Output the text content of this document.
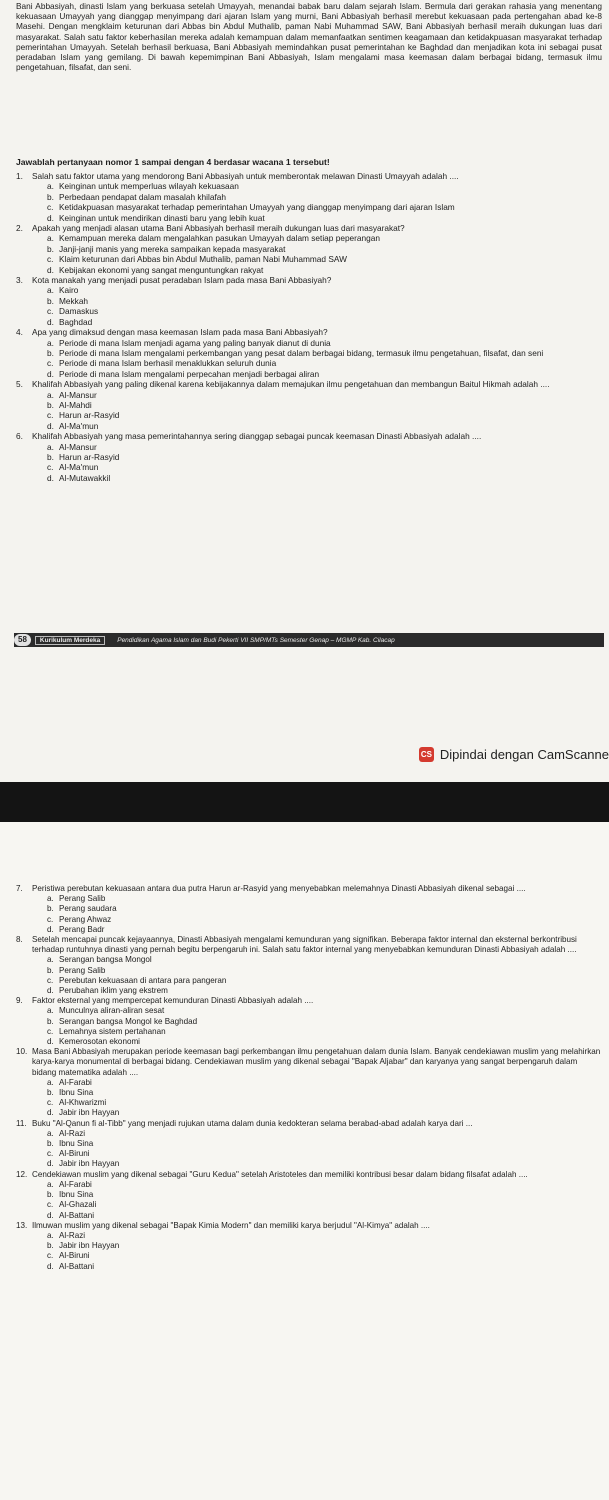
Bani Abbasiyah, dinasti Islam yang berkuasa setelah Umayyah, menandai babak baru dalam sejarah Islam. Bermula dari gerakan rahasia yang menentang kekuasaan Umayyah yang dianggap menyimpang dari ajaran Islam yang murni, Bani Abbasiyah berhasil merebut kekuasaan pada pertengahan abad ke-8 Masehi. Dengan mengklaim keturunan dari Abbas bin Abdul Muthalib, paman Nabi Muhammad SAW, Bani Abbasiyah berhasil meraih dukungan luas dari masyarakat. Salah satu faktor keberhasilan mereka adalah kemampuan dalam memanfaatkan sentimen keagamaan dan ketidakpuasan masyarakat terhadap pemerintahan Umayyah. Setelah berhasil berkuasa, Bani Abbasiyah memindahkan pusat pemerintahan ke Baghdad dan menjadikan kota ini sebagai pusat peradaban Islam yang gemilang. Di bawah kepemimpinan Bani Abbasiyah, Islam mengalami masa keemasan dalam berbagai bidang, termasuk ilmu pengetahuan, filsafat, dan seni.

Jawablah pertanyaan nomor 1 sampai dengan 4 berdasar wacana 1 tersebut!
1.	Salah satu faktor utama yang mendorong Bani Abbasiyah untuk memberontak melawan Dinasti Umayyah adalah ....
a. Keinginan untuk memperluas wilayah kekuasaan
b. Perbedaan pendapat dalam masalah khilafah
c. Ketidakpuasan masyarakat terhadap pemerintahan Umayyah yang dianggap menyimpang dari ajaran Islam
d. Keinginan untuk mendirikan dinasti baru yang lebih kuat
2.	Apakah yang menjadi alasan utama Bani Abbasiyah berhasil meraih dukungan luas dari masyarakat?
a. Kemampuan mereka dalam mengalahkan pasukan Umayyah dalam setiap peperangan
b. Janji-janji manis yang mereka sampaikan kepada masyarakat
c. Klaim keturunan dari Abbas bin Abdul Muthalib, paman Nabi Muhammad SAW
d. Kebijakan ekonomi yang sangat menguntungkan rakyat
3.	Kota manakah yang menjadi pusat peradaban Islam pada masa Bani Abbasiyah?
a. Kairo
b. Mekkah
c. Damaskus
d. Baghdad
4.	Apa yang dimaksud dengan masa keemasan Islam pada masa Bani Abbasiyah?
a. Periode di mana Islam menjadi agama yang paling banyak dianut di dunia
b. Periode di mana Islam mengalami perkembangan yang pesat dalam berbagai bidang, termasuk ilmu pengetahuan, filsafat, dan seni
c. Periode di mana Islam berhasil menaklukkan seluruh dunia
d. Periode di mana Islam mengalami perpecahan menjadi berbagai aliran
5.	Khalifah Abbasiyah yang paling dikenal karena kebijakannya dalam memajukan ilmu pengetahuan dan membangun Baitul Hikmah adalah ....
a. Al-Mansur
b. Al-Mahdi
c. Harun ar-Rasyid
d. Al-Ma'mun
6.	Khalifah Abbasiyah yang masa pemerintahannya sering dianggap sebagai puncak keemasan Dinasti Abbasiyah adalah ....
a. Al-Mansur
b. Harun ar-Rasyid
c. Al-Ma'mun
d. Al-Mutawakkil
58	Kurikulum Merdeka	Pendidikan Agama Islam dan Budi Pekerti VII SMP/MTs Semester Genap – MGMP Kab. Cilacap
CS Dipindai dengan CamScanne
7.	Peristiwa perebutan kekuasaan antara dua putra Harun ar-Rasyid yang menyebabkan melemahnya Dinasti Abbasiyah dikenal sebagai ....
a. Perang Salib
b. Perang saudara
c. Perang Ahwaz
d. Perang Badr
8.	Setelah mencapai puncak kejayaannya, Dinasti Abbasiyah mengalami kemunduran yang signifikan. Beberapa faktor internal dan eksternal berkontribusi terhadap runtuhnya dinasti yang pernah begitu berpengaruh ini. Salah satu faktor internal yang menyebabkan kemunduran Dinasti Abbasiyah adalah ....
a. Serangan bangsa Mongol
b. Perang Salib
c. Perebutan kekuasaan di antara para pangeran
d. Perubahan iklim yang ekstrem
9.	Faktor eksternal yang mempercepat kemunduran Dinasti Abbasiyah adalah ....
a. Munculnya aliran-aliran sesat
b. Serangan bangsa Mongol ke Baghdad
c. Lemahnya sistem pertahanan
d. Kemerosotan ekonomi
10. Masa Bani Abbasiyah merupakan periode keemasan bagi perkembangan ilmu pengetahuan dalam dunia Islam. Banyak cendekiawan muslim yang melahirkan karya-karya monumental di berbagai bidang. Cendekiawan muslim yang dikenal sebagai "Bapak Aljabar" dan karyanya yang sangat berpengaruh dalam bidang matematika adalah ....
a. Al-Farabi
b. Ibnu Sina
c. Al-Khwarizmi
d. Jabir ibn Hayyan
11. Buku "Al-Qanun fi al-Tibb" yang menjadi rujukan utama dalam dunia kedokteran selama berabad-abad adalah karya dari ...
a. Al-Razi
b. Ibnu Sina
c. Al-Biruni
d. Jabir ibn Hayyan
12. Cendekiawan muslim yang dikenal sebagai "Guru Kedua" setelah Aristoteles dan memiliki kontribusi besar dalam bidang filsafat adalah ....
a. Al-Farabi
b. Ibnu Sina
c. Al-Ghazali
d. Al-Battani
13. Ilmuwan muslim yang dikenal sebagai "Bapak Kimia Modern" dan memiliki karya berjudul "Al-Kimya" adalah ....
a. Al-Razi
b. Jabir ibn Hayyan
c. Al-Biruni
d. Al-Battani
